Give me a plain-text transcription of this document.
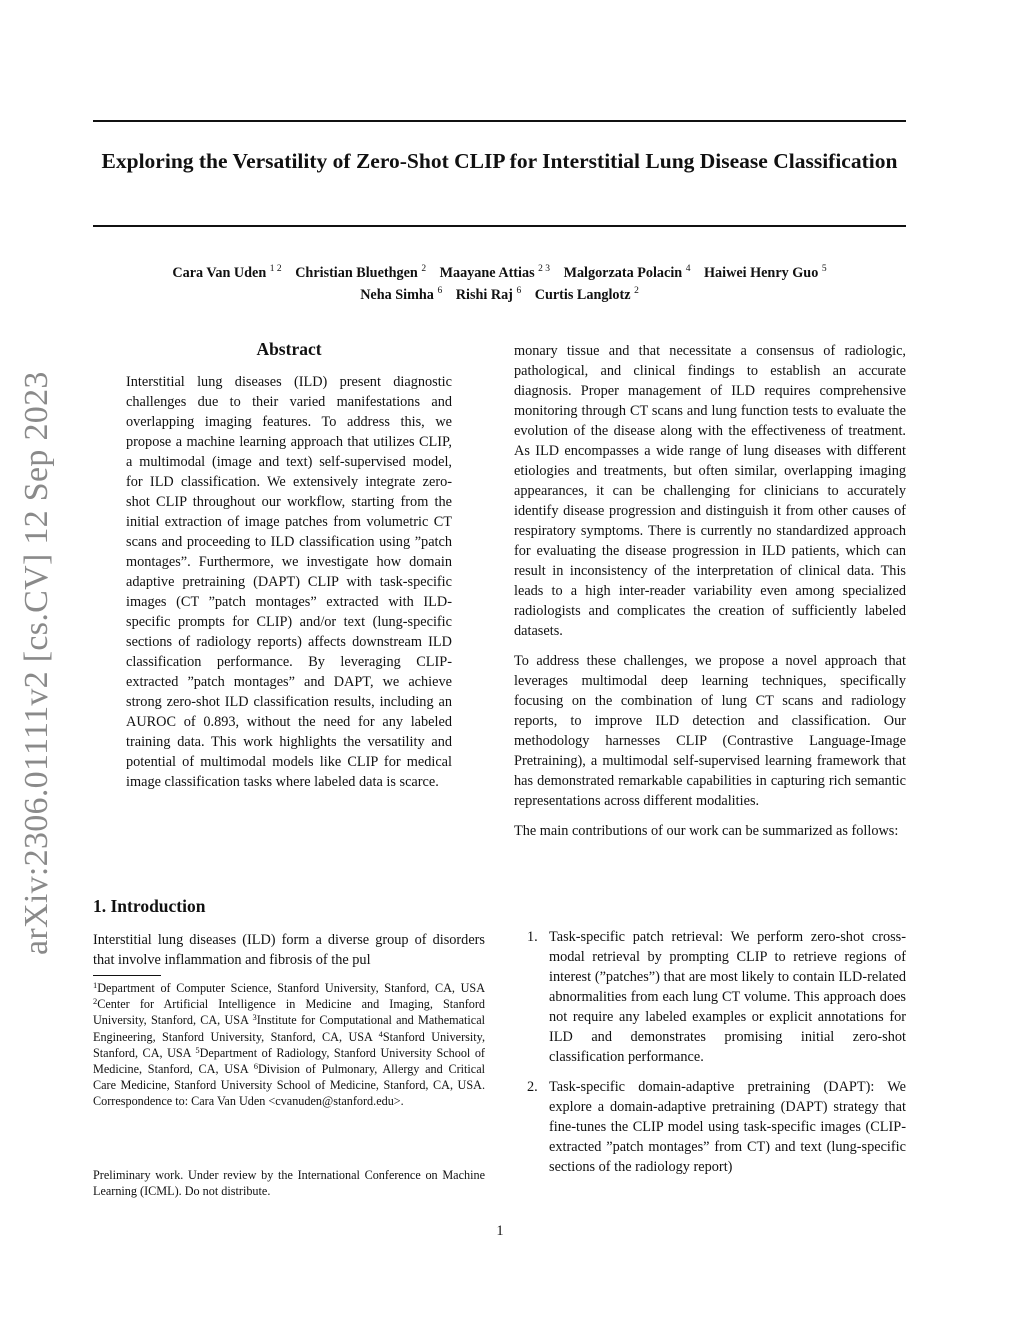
arXiv:2306.01111v2 [cs.CV] 12 Sep 2023
Exploring the Versatility of Zero-Shot CLIP for Interstitial Lung Disease Classification
Cara Van Uden $^{1 2}$ Christian Bluethgen $^2$ Maayane Attias $^{2 3}$ Malgorzata Polacin $^4$ Haiwei Henry Guo $^5$
Neha Simha $^6$ Rishi Raj $^6$ Curtis Langlotz $^2$
Abstract

Interstitial lung diseases (ILD) present diagnostic challenges due to their varied manifestations and overlapping imaging features. To address this, we propose a machine learning approach that utilizes CLIP, a multimodal (image and text) self-supervised model, for ILD classification. We extensively integrate zero-shot CLIP throughout our workflow, starting from the initial extraction of image patches from volumetric CT scans and proceeding to ILD classification using ”patch montages”. Furthermore, we investigate how domain adaptive pretraining (DAPT) CLIP with task-specific images (CT ”patch montages” extracted with ILD-specific prompts for CLIP) and/or text (lung-specific sections of radiology reports) affects downstream ILD classification performance. By leveraging CLIP-extracted ”patch montages” and DAPT, we achieve strong zero-shot ILD classification results, including an AUROC of 0.893, without the need for any labeled training data. This work highlights the versatility and potential of multimodal models like CLIP for medical image classification tasks where labeled data is scarce.

1. Introduction

Interstitial lung diseases (ILD) form a diverse group of disorders that involve inflammation and fibrosis of the pul

$^1$Department of Computer Science, Stanford University, Stanford, CA, USA $^2$Center for Artificial Intelligence in Medicine and Imaging, Stanford University, Stanford, CA, USA $^3$Institute for Computational and Mathematical Engineering, Stanford University, Stanford, CA, USA $^4$Stanford University, Stanford, CA, USA $^5$Department of Radiology, Stanford University School of Medicine, Stanford, CA, USA $^6$Division of Pulmonary, Allergy and Critical Care Medicine, Stanford University School of Medicine, Stanford, CA, USA. Correspondence to: Cara Van Uden <cvanuden@stanford.edu>.
Preliminary work. Under review by the International Conference on Machine Learning (ICML). Do not distribute.

monary tissue and that necessitate a consensus of radiologic, pathological, and clinical findings to establish an accurate diagnosis. Proper management of ILD requires comprehensive monitoring through CT scans and lung function tests to evaluate the evolution of the disease along with the effectiveness of treatment. As ILD encompasses a wide range of lung diseases with different etiologies and treatments, but often similar, overlapping imaging appearances, it can be challenging for clinicians to accurately identify disease progression and distinguish it from other causes of respiratory symptoms. There is currently no standardized approach for evaluating the disease progression in ILD patients, which can result in inconsistency of the interpretation of clinical data. This leads to a high inter-reader variability even among specialized radiologists and complicates the creation of sufficiently labeled datasets.

To address these challenges, we propose a novel approach that leverages multimodal deep learning techniques, specifically focusing on the combination of lung CT scans and radiology reports, to improve ILD detection and classification. Our methodology harnesses CLIP (Contrastive Language-Image Pretraining), a multimodal self-supervised learning framework that has demonstrated remarkable capabilities in capturing rich semantic representations across different modalities.

The main contributions of our work can be summarized as follows:

1. Task-specific patch retrieval: We perform zero-shot cross-modal retrieval by prompting CLIP to retrieve regions of interest (”patches”) that are most likely to contain ILD-related abnormalities from each lung CT volume. This approach does not require any labeled examples or explicit annotations for ILD and demonstrates promising initial zero-shot classification performance.
2. Task-specific domain-adaptive pretraining (DAPT): We explore a domain-adaptive pretraining (DAPT) strategy that fine-tunes the CLIP model using task-specific images (CLIP-extracted ”patch montages” from CT) and text (lung-specific sections of the radiology report)
1
